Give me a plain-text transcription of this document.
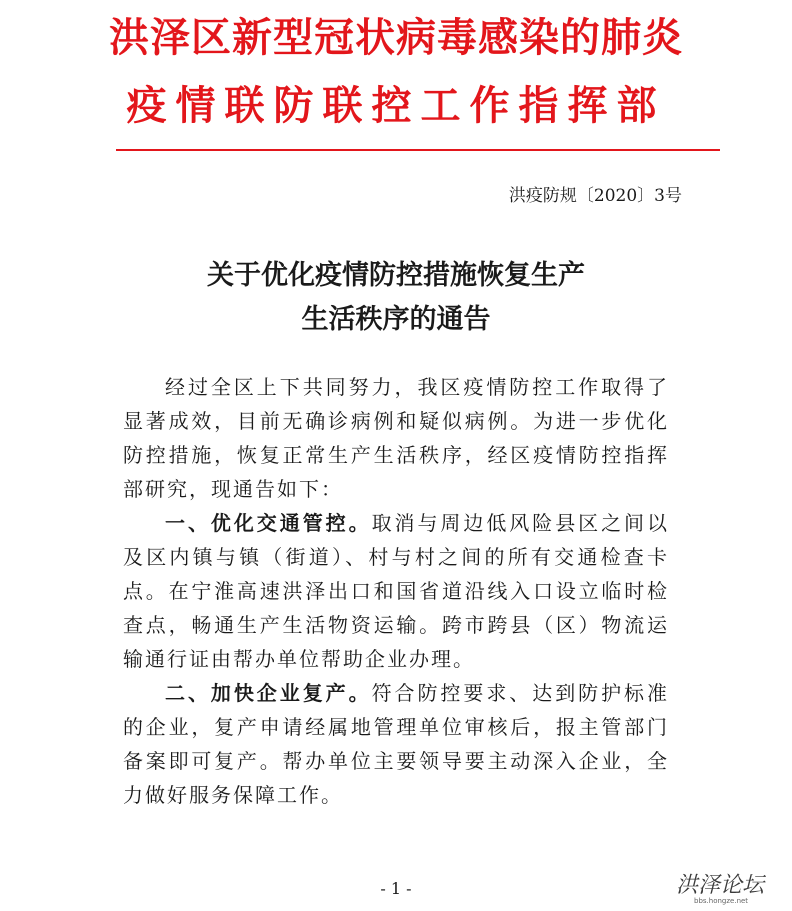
洪泽区新型冠状病毒感染的肺炎
疫情联防联控工作指挥部
洪疫防规〔2020〕3号
关于优化疫情防控措施恢复生产
生活秩序的通告

经过全区上下共同努力，我区疫情防控工作取得了显著成效，目前无确诊病例和疑似病例。为进一步优化防控措施，恢复正常生产生活秩序，经区疫情防控指挥部研究，现通告如下：

一、优化交通管控。取消与周边低风险县区之间以及区内镇与镇（街道）、村与村之间的所有交通检查卡点。在宁淮高速洪泽出口和国省道沿线入口设立临时检查点，畅通生产生活物资运输。跨市跨县（区）物流运输通行证由帮办单位帮助企业办理。

二、加快企业复产。符合防控要求、达到防护标准的企业，复产申请经属地管理单位审核后，报主管部门备案即可复产。帮办单位主要领导要主动深入企业，全力做好服务保障工作。

- 1 -	洪泽论坛
bbs.hongze.net
